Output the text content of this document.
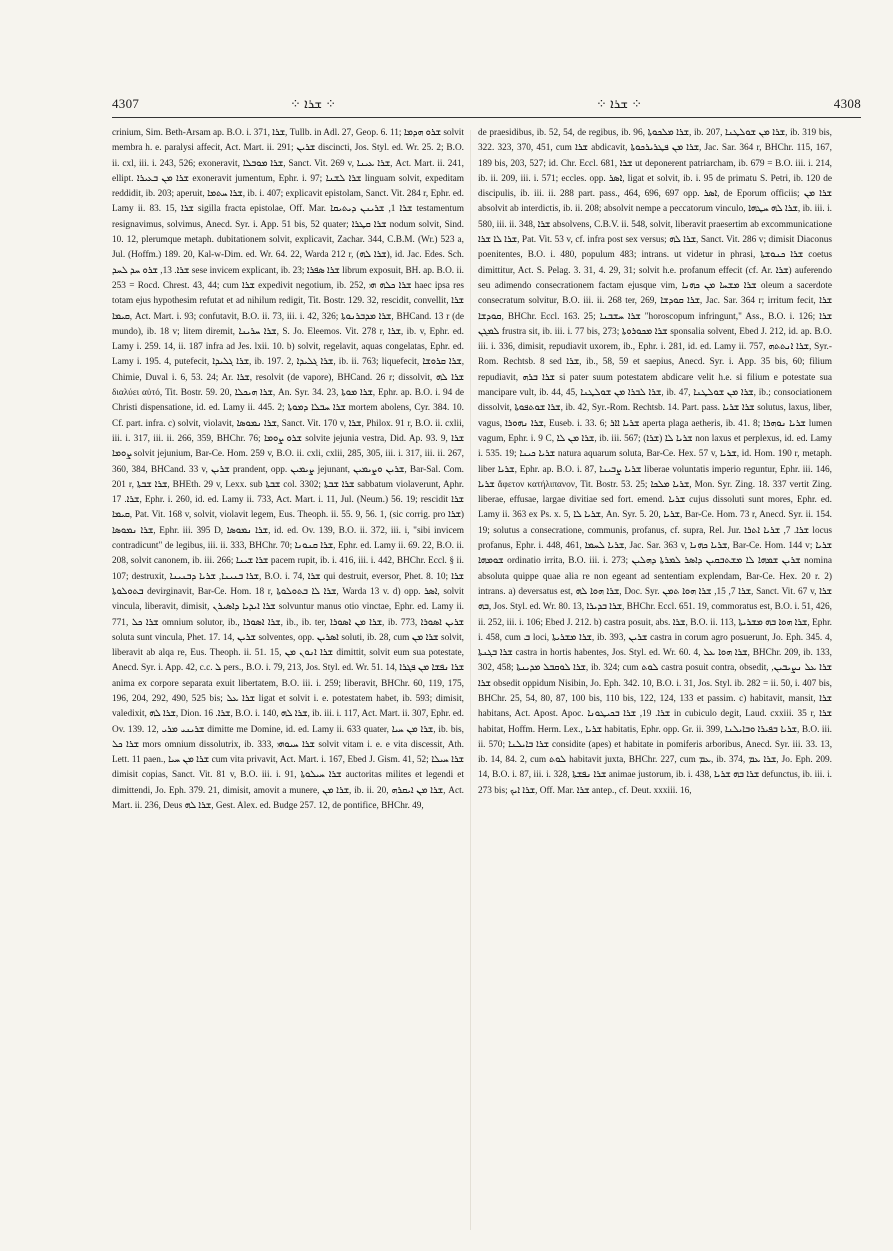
4307	⁘ ܫܪܐ ⁘	⁘ ܫܪܐ ⁘	4308

crinium, Sim. Beth-Arsam ap. B.O. i. 371, ܫܪܐ, Tullb. in Adl. 27, Geop. 6. 11; ܫܪܘ ܗܕܡܐ solvit membra h. e. paralysi affecit, Act. Mart. ii. 291; ܫܪܝܢ discincti, Jos. Styl. ed. Wr. 25. 2; B.O. ii. cxl, iii. i. 243, 526; exoneravit, ܫܪܐ ܡܘܒܠܐ, Sanct. Vit. 269 v, ܫܪܐ ܥܝܢܐ, Act. Mart. ii. 241, ellipt. ܫܪܐ ܡܢ ܒܥܝܪܐ exoneravit jumentum, Ephr. i. 97; ܫܪܐ ܠܫܢܐ linguam solvit, expeditam reddidit, ib. 203; aperuit, ܫܪܐ ܚܬܡܐ, ib. i. 407; explicavit epistolam, Sanct. Vit. 284 r, Ephr. ed. Lamy ii. 83. 15, ܫܪܐ sigilla fracta epistolae, Off. Mar. ܫܪܐ 1, ܫܪܝܢܢ ܕܝܬܝܩܐ testamentum resignavimus, solvimus, Anecd. Syr. i. App. 51 bis, 52 quater; ܫܪܐ ܩܛܪܐ nodum solvit, Sind. 10. 12, plerumque metaph. dubitationem solvit, explicavit, Zachar. 344, C.B.M. (Wr.) 523 a, Jul. (Hoffm.) 189. 20, Kal-w-Dim. ed. Wr. 64. 22, Warda 212 r, (ܫܪܐ ܠܗ), id. Jac. Edes. Sch. ܫܪܐ. 13, ܫܪܘ ܚܕ ܠܚܕ sese invicem explicant, ib. 23; ܫܪܐ ܣܦܪܐ librum exposuit, BH. ap. B.O. ii. 253 = Rocd. Chrest. 43, 44; cum ܫܪܐ expedivit negotium, ib. 252, ܫܪܐ ܟܠܗ ܗܝ haec ipsa res totam ejus hypothesim refutat et ad nihilum redigit, Tit. Bostr. 129. 32, rescidit, convellit, ܫܪܐ ܩܝܡܐ, Act. Mart. i. 93; confutavit, B.O. ii. 73, iii. i. 42, 326; ܫܪܐ ܡܕܒܪܢܘܬܐ, BHCand. 13 r (de mundo), ib. 18 v; litem diremit, ܫܪܐ ܚܪܝܢܐ, S. Jo. Eleemos. Vit. 278 r, ܫܪܐ, ib. v, Ephr. ed. Lamy i. 259. 14, ii. 187 infra ad Jes. lxii. 10. b) solvit, regelavit, aquas congelatas, Ephr. ed. Lamy i. 195. 4, putefecit, ܫܪܐ ܓܠܝܕܐ, ib. 197. 2, ܫܪܐ ܓܠܝܕܐ, ib. ii. 763; liquefecit, ܫܪܐ ܩܪܘܫܐ, Chimie, Duval i. 6, 53. 24; Ar. ܫܪܐ, resolvit (de vapore), BHCand. 26 r; dissolvit, ܫܪܐ ܠܗ διαλύει αὐτό, Tit. Bostr. 59. 20, ܫܪܐ ܗܝܟܠܐ, An. Syr. 34. 23, ܫܪܐ ܡܘܬܐ, Ephr. ap. B.O. i. 94 de Christi dispensatione, id. ed. Lamy ii. 445. 2; ܫܪܐ ܚܒܠܐ ܕܡܘܬܐ mortem abolens, Cyr. 384. 10. Cf. part. infra. c) solvit, violavit, ܫܪܐ ܢܡܘܣܐ, Sanct. Vit. 170 v, ܫܪܐ, Philox. 91 r, B.O. ii. cxlii, iii. i. 317, iii. ii. 266, 359, BHChr. 76; ܫܪܘ ܨܘܡܐ solvite jejunia vestra, Did. Ap. 93. 9, ܫܪܐ ܨܘܡܐ solvit jejunium, Bar-Ce. Hom. 259 v, B.O. ii. cxli, cxlii, 285, 305, iii. i. 317, iii. ii. 267, 360, 384, BHCand. 33 v, ܫܪܝܢ prandent, opp. ܨܝܡܝܢ jejunant, ܫܪܝܢ ܘܨܝܡܝܢ, Bar-Sal. Com. 201 r, ܫܪܐ ܫܒܬܐ, BHEth. 29 v, Lexx. sub ܫܒܬܐ col. 3302; ܫܪܐ ܫܒܬܐ sabbatum violaverunt, Aphr. ܫܪܐ. 17, Ephr. i. 260, id. ed. Lamy ii. 733, Act. Mart. i. 11, Jul. (Neum.) 56. 19; rescidit ܫܪܐ ܩܝܡܐ, Pat. Vit. 168 v, solvit, violavit legem, Eus. Theoph. ii. 55. 9, 56. 1, (sic corrig. pro ܫܪܐ) ܫܪܐ ܢܡܘܣܐ, Ephr. iii. 395 D, ܫܪܐ ܢܡܘܣܐ, id. ed. Ov. 139, B.O. ii. 372, iii. i, "sibi invicem contradicunt" de legibus, iii. ii. 333, BHChr. 70; ܫܪܐ ܩܢܘܢܐ, Ephr. ed. Lamy ii. 69. 22, B.O. ii. 208, solvit canonem, ib. iii. 266; ܫܪܐ ܫܝܢܐ pacem rupit, ib. i. 416, iii. i. 442, BHChr. Eccl. § ii. 107; destruxit, ܫܪܐ ܒܢܝܢܐ, ܫܪܝܐ ܕܒܢܝܢܐ, B.O. i. 74, ܫܪܐ qui destruit, eversor, Phet. 8. 10; ܫܪܐ ܒܬܘܠܘܬܐ devirginavit, Bar-Ce. Hom. 18 r, ܫܪܐ ܠܐ ܒܬܘܠܘܬܐ, Warda 13 v. d) opp. ܐܣܪ, solvit vincula, liberavit, dimisit, ܫܪܐ ܐܝܕܝܐ ܕܐܣܝܪܢ solvuntur manus otio vinctae, Ephr. ed. Lamy ii. 771, ܫܪܐ ܟܠ omnium solutor, ib., ܫܪܐ ܐܣܘܪܐ, ib., ib. ter, ܫܪܐ ܡܢ ܐܣܘܪܐ, ib. 773, ܫܪܝܢ ܐܣܘܪܐ soluta sunt vincula, Phet. 17. 14, ܫܪܝܢ solventes, opp. ܐܣܪܝܢ soluti, ib. 28, cum ܫܪܐ ܡܢ solvit, liberavit ab alqa re, Eus. Theoph. ii. 51. 15, ܫܪܐ ܐܢܘܢ ܡܢ dimittit, solvit eum sua potestate, Anecd. Syr. i. App. 42, c.c. ܠ pers., B.O. i. 79, 213, Jos. Styl. ed. Wr. 51. 14, ܫܪܐ ܢܦܫܐ ܡܢ ܦܓܪܐ anima ex corpore separata exuit libertatem, B.O. iii. i. 259; liberavit, BHChr. 60, 119, 175, 196, 204, 292, 490, 525 bis; ܫܪܐ ܥܠ ligat et solvit i. e. potestatem habet, ib. 593; dimisit, valedixit, ܫܪܐ ܠܗ, Dion. ܫܪܐ. 16, B.O. i. 140, ܫܪܐ ܠܗ, ib. iii. i. 117, Act. Mart. ii. 307, Ephr. ed. Ov. 139. 12, ܫܪܝܢܝ ܡܪܝ dimitte me Domine, id. ed. Lamy ii. 633 quater, ܫܪܐ ܡܢ ܚܝܐ, ib. bis, ܫܪܐ ܟܠ mors omnium dissolutrix, ib. 333, ܫܪܐ ܚܝܘܗܝ solvit vitam i. e. e vita discessit, Ath. Lett. 11 paen., ܫܪܐ ܡܢ ܚܝܐ cum vita privavit, Act. Mart. i. 167, Ebed J. Gism. 41, 52; ܫܪܐ ܚܝܠܐ dimisit copias, Sanct. Vit. 81 v, B.O. iii. i. 91, ܫܪܐ ܚܝܠܘܬܐ auctoritas milites et legendi et dimittendi, Jo. Eph. 379. 21, dimisit, amovit a munere, ܫܪܐ ܡܢ, ib. ii. 20, ܫܪܐ ܡܢ ܐܝܩܪܗ, Act. Mart. ii. 236, Deus ܫܪܐ ܠܗ, Gest. Alex. ed. Budge 257. 12, de pontifice, BHChr. 49,

de praesidibus, ib. 52, 54, de regibus, ib. 96, ܫܪܐ ܡܠܟܘܬܐ, ib. 207, ܫܪܐ ܡܢ ܫܘܠܛܢܐ, ib. 319 bis, 322. 323, 370, 451, cum ܫܪܐ abdicavit, ܫܪܐ ܡܢ ܦܛܪܝܪܟܘܬܐ, Jac. Sar. 364 r, BHChr. 115, 167, 189 bis, 203, 527; id. Chr. Eccl. 681, ܫܪܐ ut deponerent patriarcham, ib. 679 = B.O. iii. i. 214, ib. ii. 209, iii. i. 571; eccles. opp. ܐܣܪ, ligat et solvit, ib. i. 95 de primatu S. Petri, ib. 120 de discipulis, ib. iii. ii. 288 part. pass., 464, 696, 697 opp. ܐܣܪ, de Eporum officiis; ܫܪܐ ܡܢ absolvit ab interdictis, ib. ii. 208; absolvit nempe a peccatorum vinculo, ܫܪܐ ܠܗ ܚܛܗܐ, ib. iii. i. 580, iii. ii. 348, ܫܪܐ absolvens, C.B.V. ii. 548, solvit, liberavit praesertim ab excommunicatione ܫܪܐ ܠܐ ܫܪܐ, Pat. Vit. 53 v, cf. infra post sex versus; ܫܪܐ ܠܗ, Sanct. Vit. 286 v; dimisit Diaconus poenitentes, B.O. i. 480, populum 483; intrans. ut videtur in phrasi, ܫܪܐ ܟܢܘܫܬܐ coetus dimittitur, Act. S. Pelag. 3. 31, 4. 29, 31; solvit h.e. profanum effecit (cf. Ar. ܫܪܐ) auferendo seu adimendo consecrationem factam ejusque vim, ܫܪܐ ܡܫܚܐ ܡܢ ܟܗܢܐ oleum a sacerdote consecratum solvitur, B.O. iii. ii. 268 ter, 269, ܫܪܐ ܩܘܕܫܐ, Jac. Sar. 364 r; irritum fecit, ܫܪܐ ܩܘܕܫܐ, BHChr. Eccl. 163. 25; ܫܪܐ ܚܫܒܢܐ "horoscopum infringunt," Ass., B.O. i. 126; ܫܪܐ ܠܡܓܢ frustra sit, ib. iii. i. 77 bis, 273; ܫܪܐ ܡܟܘܪܘܬܐ sponsalia solvent, Ebed J. 212, id. ap. B.O. iii. i. 336, dimisit, repudiavit uxorem, ib., Ephr. i. 281, id. ed. Lamy ii. 757, ܫܪܐ ܐܢܬܬܗ, Syr.-Rom. Rechtsb. 8 sed ܫܪܐ, ib., 58, 59 et saepius, Anecd. Syr. i. App. 35 bis, 60; filium repudiavit, ܫܪܐ ܒܪܗ si pater suum potestatem abdicare velit h.e. si filium e potestate sua mancipare vult, ib. 44, 45, ܫܪܐ ܠܒܪܐ ܡܢ ܫܘܠܛܢܐ, ib. 47, ܫܪܐ ܡܢ ܫܘܠܛܢܐ, ib.; consociationem dissolvit, ܫܪܐ ܫܘܬܦܘܬܐ, ib. 42, Syr.-Rom. Rechtsb. 14. Part. pass. ܫܪܐ ܫܪܝܐ solutus, laxus, liber, vagus, ܫܪܐ ܢܗܘܪܐ, Euseb. i. 33. 6; ܫܪܝܐ ܐܐܪ aperta plaga aetheris, ib. 41. 8; ܫܪܝܐ ܢܘܗܪܐ lumen vagum, Ephr. i. 9 C, ܫܪܐ ܡܢ ܠܐ, ib. iii. 567; ܫܪܝܐ ܠܐ (ܫܪܐ) non laxus et perplexus, id. ed. Lamy i. 535. 19; ܫܪܝܐ ܟܝܢܐ natura aquarum soluta, Bar-Ce. Hex. 57 v, ܫܪܝܐ, id. Hom. 190 r, metaph. liber ܫܪܝܐ, Ephr. ap. B.O. i. 87, ܫܪܝܐ ܨܒܝܢܐ liberae voluntatis imperio reguntur, Ephr. iii. 146, ܫܪܝܐ ἄφετον κατήλιπανον, Tit. Bostr. 53. 25; ܫܪܝܐ ܡܠܟܐ, Mon. Syr. Zing. 18. 337 vertit Zing. liberae, effusae, largae divitiae sed fort. emend. ܫܪܝܐ cujus dissoluti sunt mores, Ephr. ed. Lamy ii. 363 ex Ps. x. 5, ܫܪܝܐ ܠܐ, An. Syr. 5. 20, ܫܪܝܐ, Bar-Ce. Hom. 73 r, Anecd. Syr. ii. 154. 19; solutus a consecratione, communis, profanus, cf. supra, Rel. Jur. ܫܪܐ. 7, ܫܪܝܐ ܐܬܪܐ locus profanus, Ephr. i. 448, 461, ܫܪܝܐ ܠܚܡܐ, Jac. Sar. 363 v, ܫܪܝܐ ܟܗܢܐ, Bar-Ce. Hom. 144 v; ܫܪܝܐ ܫܘܡܗܐ ordinatio irrita, B.O. iii. i. 273; ܫܪܝܢ ܫܡܗܐ ܠܐ ܡܫܬܒܩܝܢ ܕܐܣܪ ܠܡܪܬܐ ܕܗܠܝܢ nomina absoluta quippe quae alia re non egeant ad sententiam explendam, Bar-Ce. Hex. 20 r. 2) intrans. a) deversatus est, ܫܪܐ ܗܘܐ ܠܗ, Doc. Syr. ܫܪܐ 7, 15, ܫܪܐ ܗܘܐ ܬܡܢ, Sanct. Vit. 67 v, ܫܪܐ ܒܗ, Jos. Styl. ed. Wr. 80. 13, ܫܪܐ ܒܕܝܪܐ, BHChr. Eccl. 651. 19, commoratus est, B.O. i. 51, 426, ii. 252, iii. i. 106; Ebed J. 212. b) castra posuit, abs. ܫܪܐ, B.O. ii. 113, ܫܪܐ ܗܘܐ ܒܗ ܡܫܪܝܬܐ, Ephr. i. 458, cum ܒ loci, ܫܪܐ ܡܫܪܝܬܐ, ib. 393, ܫܪܝܢ castra in corum agro posuerunt, Jo. Eph. 345. 4, ܫܪܐ ܒܓܢܬܐ castra in hortis habentes, Jos. Styl. ed. Wr. 60. 4, ܫܪܐ ܗܘܐ ܥܠ, BHChr. 209, ib. 133, 302, 458; ܫܪܐ ܠܘܩܒܠ ܡܕܝܢܬܐ, ib. 324; cum ܠܘܬ castra posuit contra, obsedit, ܫܪܐ ܥܠ ܢܨܝܒܝܢ, ܫܪܐ obsedit oppidum Nisibin, Jo. Eph. 342. 10, B.O. i. 31, Jos. Styl. ib. 282 = ii. 50, i. 407 bis, BHChr. 25, 54, 80, 87, 100 bis, 110 bis, 122, 124, 133 et passim. c) habitavit, mansit, ܫܪܐ habitans, Act. Apost. Apoc. ܫܪܐ. 19, ܫܪܐ ܒܟܝܛܘܢܐ in cubiculo degit, Laud. cxxiii. 35 r, ܫܪܐ habitat, Hoffm. Herm. Lex., ܫܪܝܐ habitatis, Ephr. opp. Gr. ii. 399, ܫܪܝܐ ܒܦܝܪܐ ܘܒܐܝܠܢܐ, B.O. iii. ii. 570; ܫܪܐ ܒܐܝܠܢܐ considite (apes) et habitate in pomiferis arboribus, Anecd. Syr. iii. 33. 13, ib. 14, 84. 2, cum ܠܘܬ habitavit juxta, BHChr. 227, cum ܥܡ, ib. 374, ܫܪܐ ܥܡ, Jo. Eph. 209. 14, B.O. i. 87, iii. i. 328, ܫܪܐ ܢܦܫܬܐ animae justorum, ib. i. 438, ܫܪܐ ܒܗ ܫܪܝܐ defunctus, ib. iii. i. 273 bis; ܫܪܐ ܐܝܟ, Off. Mar. ܫܪܐ antep., cf. Deut. xxxiii. 16,
